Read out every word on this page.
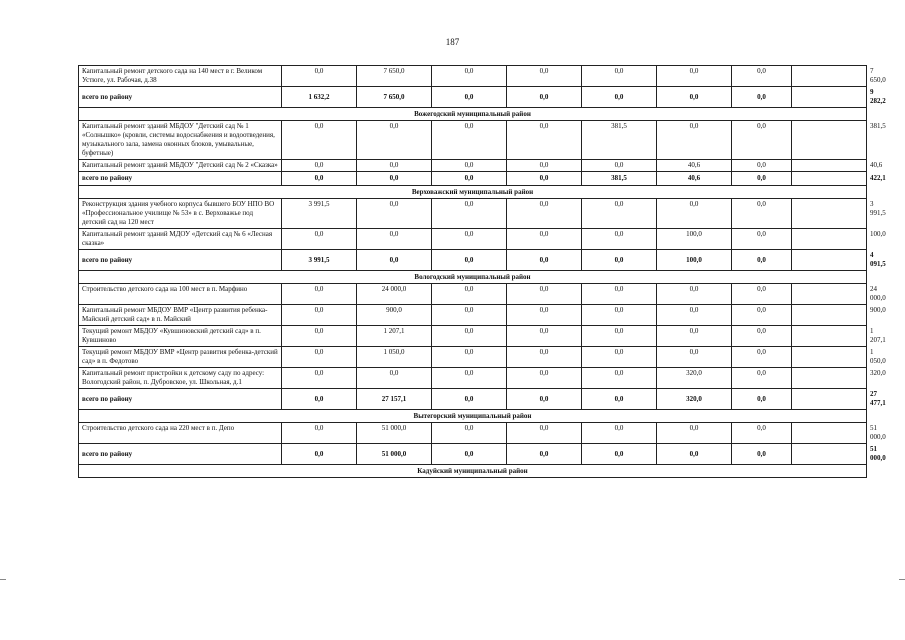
187
Капитальный ремонт детского сада на 140 мест в г. Великом Устюге, ул. Рабочая, д.38	0,0	7 650,0	0,0	0,0	0,0	0,0	0,0		7 650,0
всего по району	1 632,2	7 650,0	0,0	0,0	0,0	0,0	0,0		9 282,2
Вожегодский муниципальный район									
Капитальный ремонт зданий МБДОУ "Детский сад № 1 «Солнышко» (кровли, системы водоснабжения и водоотведения, музыкального зала, замена оконных блоков, умывальные, буфетные)	0,0	0,0	0,0	0,0	381,5	0,0	0,0		381,5
Капитальный ремонт зданий МБДОУ "Детский сад № 2 «Сказка»	0,0	0,0	0,0	0,0	0,0	40,6	0,0		40,6
всего по району	0,0	0,0	0,0	0,0	381,5	40,6	0,0		422,1
Верховажский муниципальный район									
Реконструкция здания учебного корпуса бывшего БОУ НПО ВО «Профессиональное училище № 53» в с. Верховажье под детский сад на 120 мест	3 991,5	0,0	0,0	0,0	0,0	0,0	0,0		3 991,5
Капитальный ремонт зданий МДОУ «Детский сад № 6 «Лесная сказка»	0,0	0,0	0,0	0,0	0,0	100,0	0,0		100,0
всего по району	3 991,5	0,0	0,0	0,0	0,0	100,0	0,0		4 091,5
Вологодский муниципальный район									
Строительство детского сада на 100 мест в п. Марфино	0,0	24 000,0	0,0	0,0	0,0	0,0	0,0		24 000,0
Капитальный ремонт МБДОУ ВМР «Центр развития ребенка-Майский детский сад» в п. Майский	0,0	900,0	0,0	0,0	0,0	0,0	0,0		900,0
Текущий ремонт МБДОУ «Кувшиновский детский сад» в п. Кувшиново	0,0	1 207,1	0,0	0,0	0,0	0,0	0,0		1 207,1
Текущий ремонт МБДОУ ВМР «Центр развития ребенка-детский сад» в п. Федотово	0,0	1 050,0	0,0	0,0	0,0	0,0	0,0		1 050,0
Капитальный ремонт пристройки к детскому саду по адресу: Вологодский район, п. Дубровское, ул. Школьная, д.1	0,0	0,0	0,0	0,0	0,0	320,0	0,0		320,0
всего по району	0,0	27 157,1	0,0	0,0	0,0	320,0	0,0		27 477,1
Вытегорский муниципальный район									
Строительство детского сада на 220 мест в п. Депо	0,0	51 000,0	0,0	0,0	0,0	0,0	0,0		51 000,0
всего по району	0,0	51 000,0	0,0	0,0	0,0	0,0	0,0		51 000,0
Кадуйский муниципальный район									
